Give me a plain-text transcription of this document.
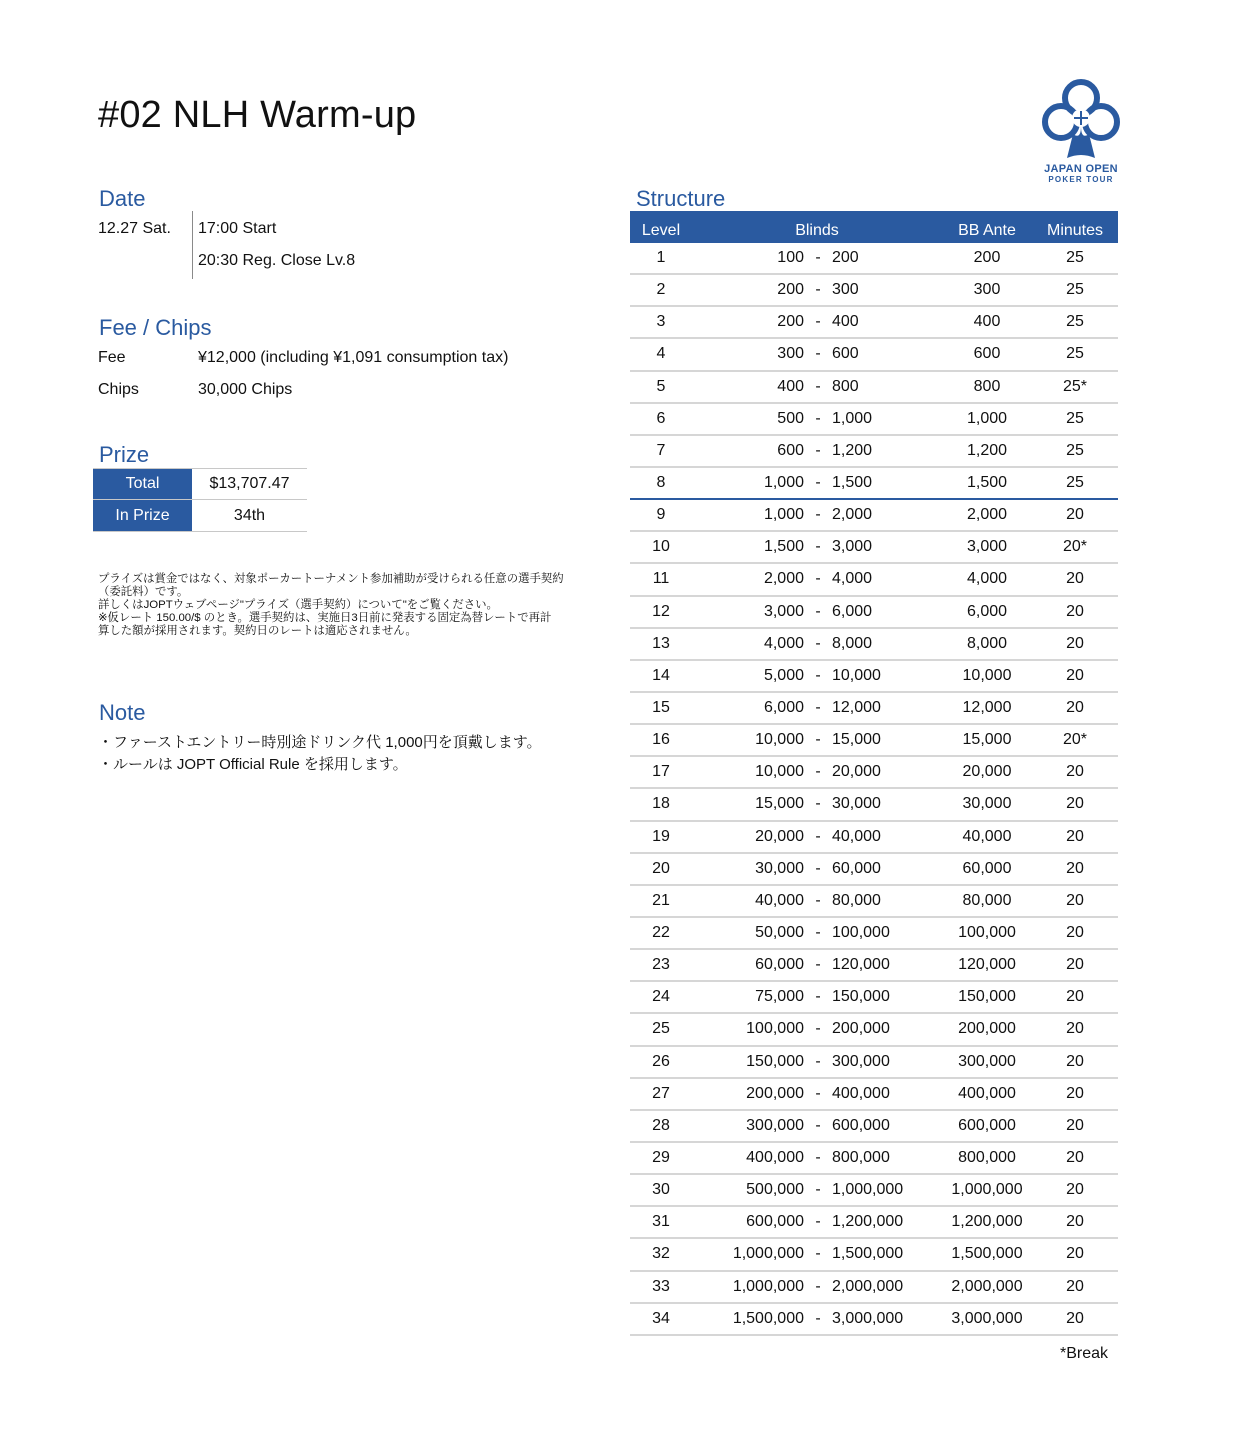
#02 NLH Warm-up
JAPAN OPEN
POKER TOUR
Date
12.27 Sat. 17:00 Start
20:30 Reg. Close Lv.8
Fee / Chips
Fee	¥12,000 (including ¥1,091 consumption tax)
Chips	30,000 Chips
Prize
Total	$13,707.47
In Prize	34th
プライズは賞金ではなく、対象ポーカートーナメント参加補助が受けられる任意の選手契約
（委託料）です。
詳しくはJOPTウェブページ"プライズ（選手契約）について"をご覧ください。
※仮レート 150.00/$ のとき。選手契約は、実施日3日前に発表する固定為替レートで再計
算した額が採用されます。契約日のレートは適応されません。
Note
・ファーストエントリー時別途ドリンク代 1,000円を頂戴します。
・ルールは JOPT Official Rule を採用します。
Structure
Level	Blinds	BB Ante	Minutes
1	100 - 200	200	25
2	200 - 300	300	25
3	200 - 400	400	25
4	300 - 600	600	25
5	400 - 800	800	25*
6	500 - 1,000	1,000	25
7	600 - 1,200	1,200	25
8	1,000 - 1,500	1,500	25
9	1,000 - 2,000	2,000	20
10	1,500 - 3,000	3,000	20*
11	2,000 - 4,000	4,000	20
12	3,000 - 6,000	6,000	20
13	4,000 - 8,000	8,000	20
14	5,000 - 10,000	10,000	20
15	6,000 - 12,000	12,000	20
16	10,000 - 15,000	15,000	20*
17	10,000 - 20,000	20,000	20
18	15,000 - 30,000	30,000	20
19	20,000 - 40,000	40,000	20
20	30,000 - 60,000	60,000	20
21	40,000 - 80,000	80,000	20
22	50,000 - 100,000	100,000	20
23	60,000 - 120,000	120,000	20
24	75,000 - 150,000	150,000	20
25	100,000 - 200,000	200,000	20
26	150,000 - 300,000	300,000	20
27	200,000 - 400,000	400,000	20
28	300,000 - 600,000	600,000	20
29	400,000 - 800,000	800,000	20
30	500,000 - 1,000,000	1,000,000	20
31	600,000 - 1,200,000	1,200,000	20
32	1,000,000 - 1,500,000	1,500,000	20
33	1,000,000 - 2,000,000	2,000,000	20
34	1,500,000 - 3,000,000	3,000,000	20
*Break
